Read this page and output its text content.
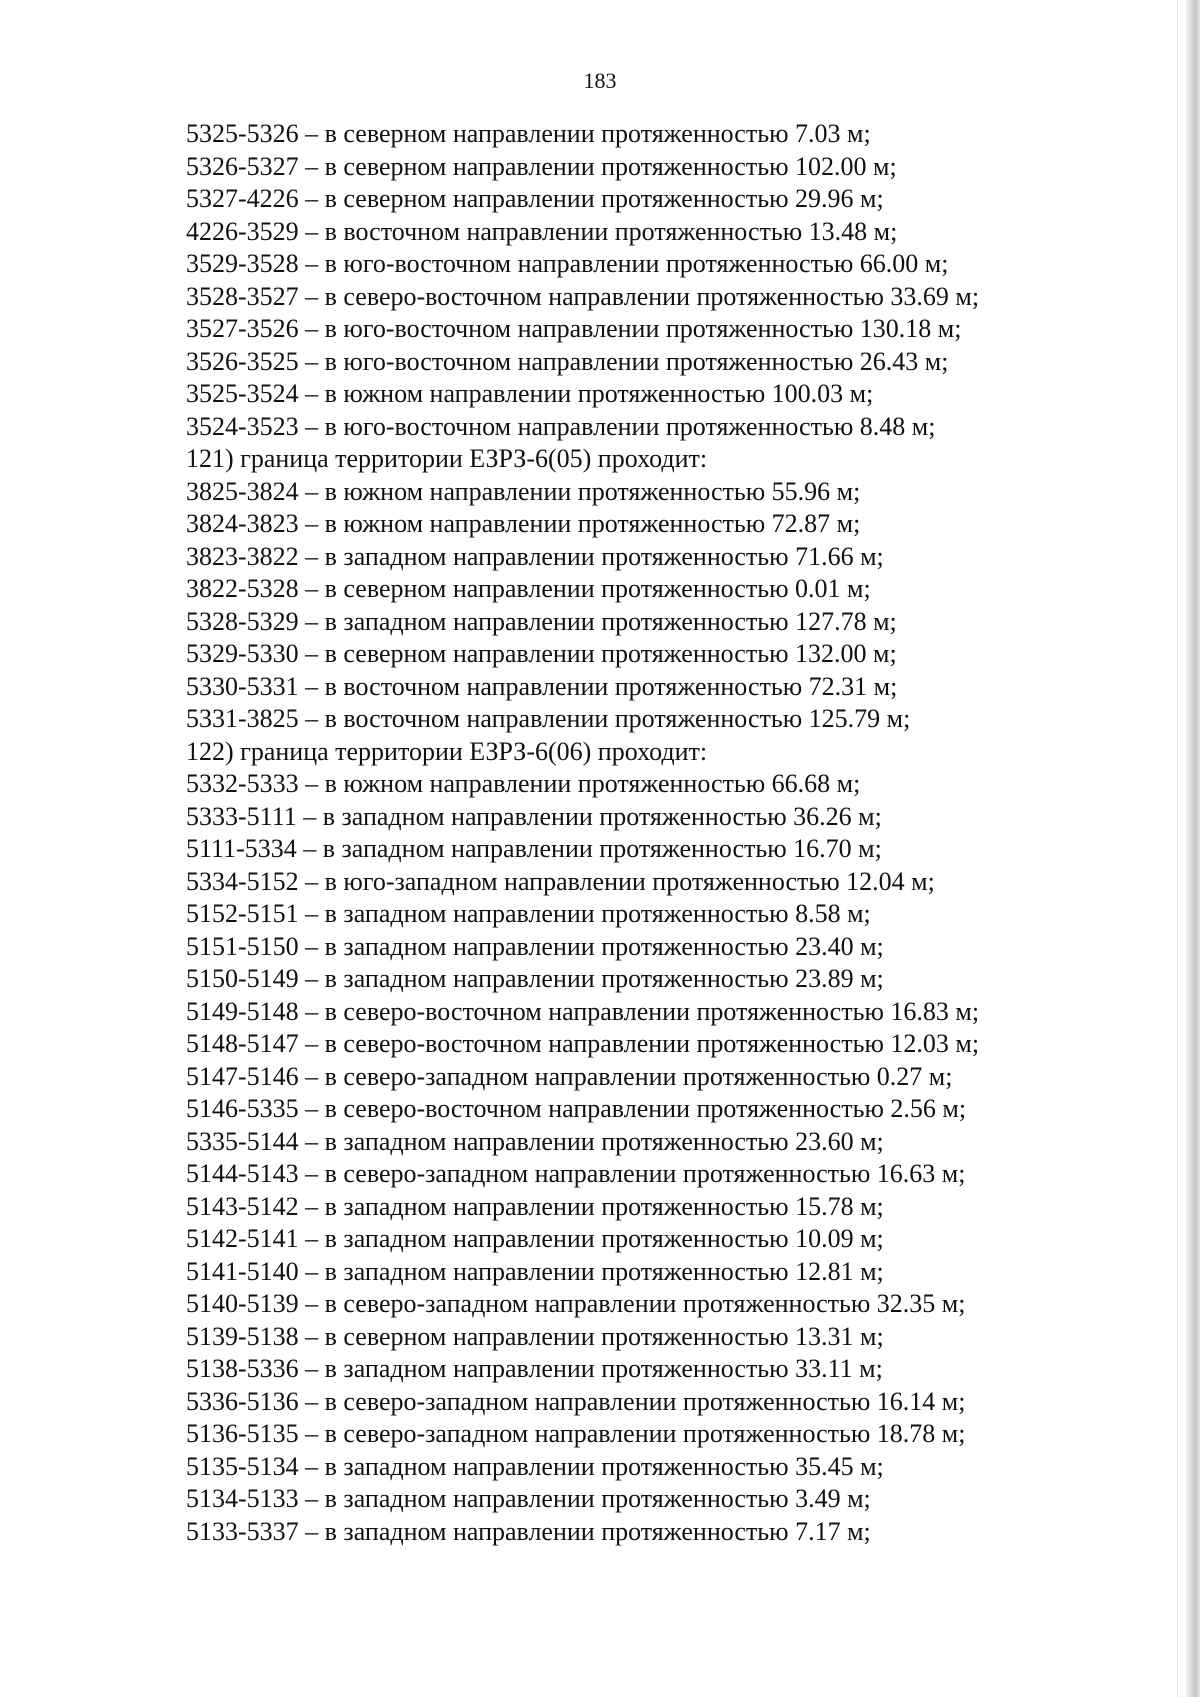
183
5325-5326 – в северном направлении протяженностью 7.03 м;
5326-5327 – в северном направлении протяженностью 102.00 м;
5327-4226 – в северном направлении протяженностью 29.96 м;
4226-3529 – в восточном направлении протяженностью 13.48 м;
3529-3528 – в юго-восточном направлении протяженностью 66.00 м;
3528-3527 – в северо-восточном направлении протяженностью 33.69 м;
3527-3526 – в юго-восточном направлении протяженностью 130.18 м;
3526-3525 – в юго-восточном направлении протяженностью 26.43 м;
3525-3524 – в южном направлении протяженностью 100.03 м;
3524-3523 – в юго-восточном направлении протяженностью 8.48 м;
121) граница территории ЕЗРЗ-6(05) проходит:
3825-3824 – в южном направлении протяженностью 55.96 м;
3824-3823 – в южном направлении протяженностью 72.87 м;
3823-3822 – в западном направлении протяженностью 71.66 м;
3822-5328 – в северном направлении протяженностью 0.01 м;
5328-5329 – в западном направлении протяженностью 127.78 м;
5329-5330 – в северном направлении протяженностью 132.00 м;
5330-5331 – в восточном направлении протяженностью 72.31 м;
5331-3825 – в восточном направлении протяженностью 125.79 м;
122) граница территории ЕЗРЗ-6(06) проходит:
5332-5333 – в южном направлении протяженностью 66.68 м;
5333-5111 – в западном направлении протяженностью 36.26 м;
5111-5334 – в западном направлении протяженностью 16.70 м;
5334-5152 – в юго-западном направлении протяженностью 12.04 м;
5152-5151 – в западном направлении протяженностью 8.58 м;
5151-5150 – в западном направлении протяженностью 23.40 м;
5150-5149 – в западном направлении протяженностью 23.89 м;
5149-5148 – в северо-восточном направлении протяженностью 16.83 м;
5148-5147 – в северо-восточном направлении протяженностью 12.03 м;
5147-5146 – в северо-западном направлении протяженностью 0.27 м;
5146-5335 – в северо-восточном направлении протяженностью 2.56 м;
5335-5144 – в западном направлении протяженностью 23.60 м;
5144-5143 – в северо-западном направлении протяженностью 16.63 м;
5143-5142 – в западном направлении протяженностью 15.78 м;
5142-5141 – в западном направлении протяженностью 10.09 м;
5141-5140 – в западном направлении протяженностью 12.81 м;
5140-5139 – в северо-западном направлении протяженностью 32.35 м;
5139-5138 – в северном направлении протяженностью 13.31 м;
5138-5336 – в западном направлении протяженностью 33.11 м;
5336-5136 – в северо-западном направлении протяженностью 16.14 м;
5136-5135 – в северо-западном направлении протяженностью 18.78 м;
5135-5134 – в западном направлении протяженностью 35.45 м;
5134-5133 – в западном направлении протяженностью 3.49 м;
5133-5337 – в западном направлении протяженностью 7.17 м;
